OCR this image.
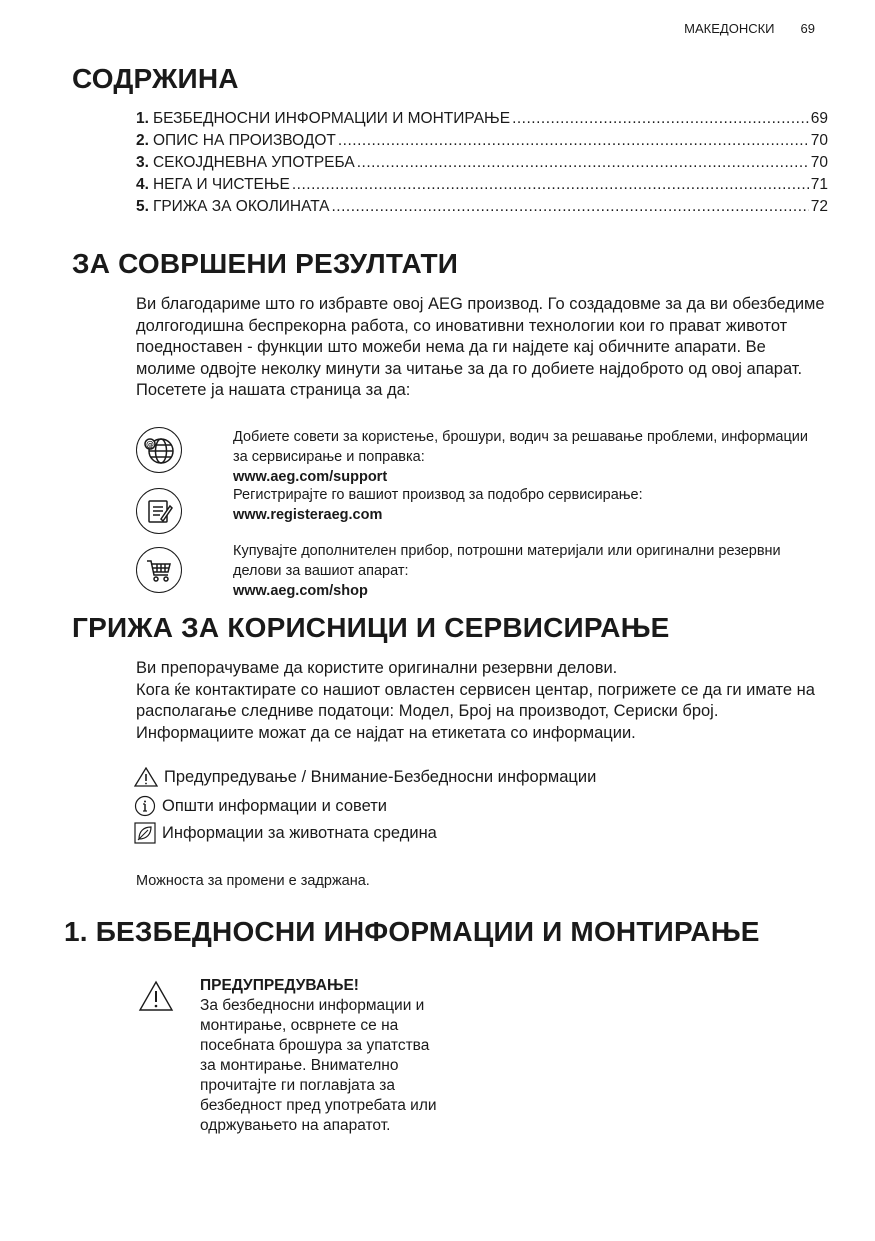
МАКЕДОНСКИ 69
СОДРЖИНА
1. БЕЗБЕДНОСНИ ИНФОРМАЦИИ И МОНТИРАЊЕ .....	69
2. ОПИС НА ПРОИЗВОДОТ .....	70
3. СЕКОЈДНЕВНА УПОТРЕБА .....	70
4. НЕГА И ЧИСТЕЊЕ .....	71
5. ГРИЖА ЗА ОКОЛИНАТА .....	72
ЗА СОВРШЕНИ РЕЗУЛТАТИ

Ви благодариме што го избравте овој AEG производ. Го создадовме за да ви обезбедиме долгогодишна беспрекорна работа, со иновативни технологии кои го прават животот поедноставен - функции што можеби нема да ги најдете кај обичните апарати. Ве молиме одвојте неколку минути за читање за да го добиете најдоброто од овој апарат.

Посетете ја нашата страница за да:

@	Добиете совети за користење, брошури, водич за решавање проблеми, информации за сервисирање и поправка:
www.aeg.com/support
Регистрирајте го вашиот производ за подобро сервисирање:
www.registeraeg.com
Купувајте дополнителен прибор, потрошни материјали или оригинални резервни делови за вашиот апарат:
www.aeg.com/shop
ГРИЖА ЗА КОРИСНИЦИ И СЕРВИСИРАЊЕ

Ви препорачуваме да користите оригинални резервни делови.

Кога ќе контактирате со нашиот овластен сервисен центар, погрижете се да ги имате на располагање следниве податоци: Модел, Број на производот, Сериски број.

Информациите можат да се најдат на етикетата со информации.

Предупредување / Внимание-Безбедносни информации
Општи информации и совети
Информации за животната средина
Можноста за промени е задржана.
1. БЕЗБЕДНОСНИ ИНФОРМАЦИИ И МОНТИРАЊЕ
ПРЕДУПРЕДУВАЊЕ!
За безбедносни информации и монтирање, осврнете се на посебната брошура за упатства за монтирање. Внимателно прочитајте ги поглавјата за безбедност пред употребата или одржувањето на апаратот.
